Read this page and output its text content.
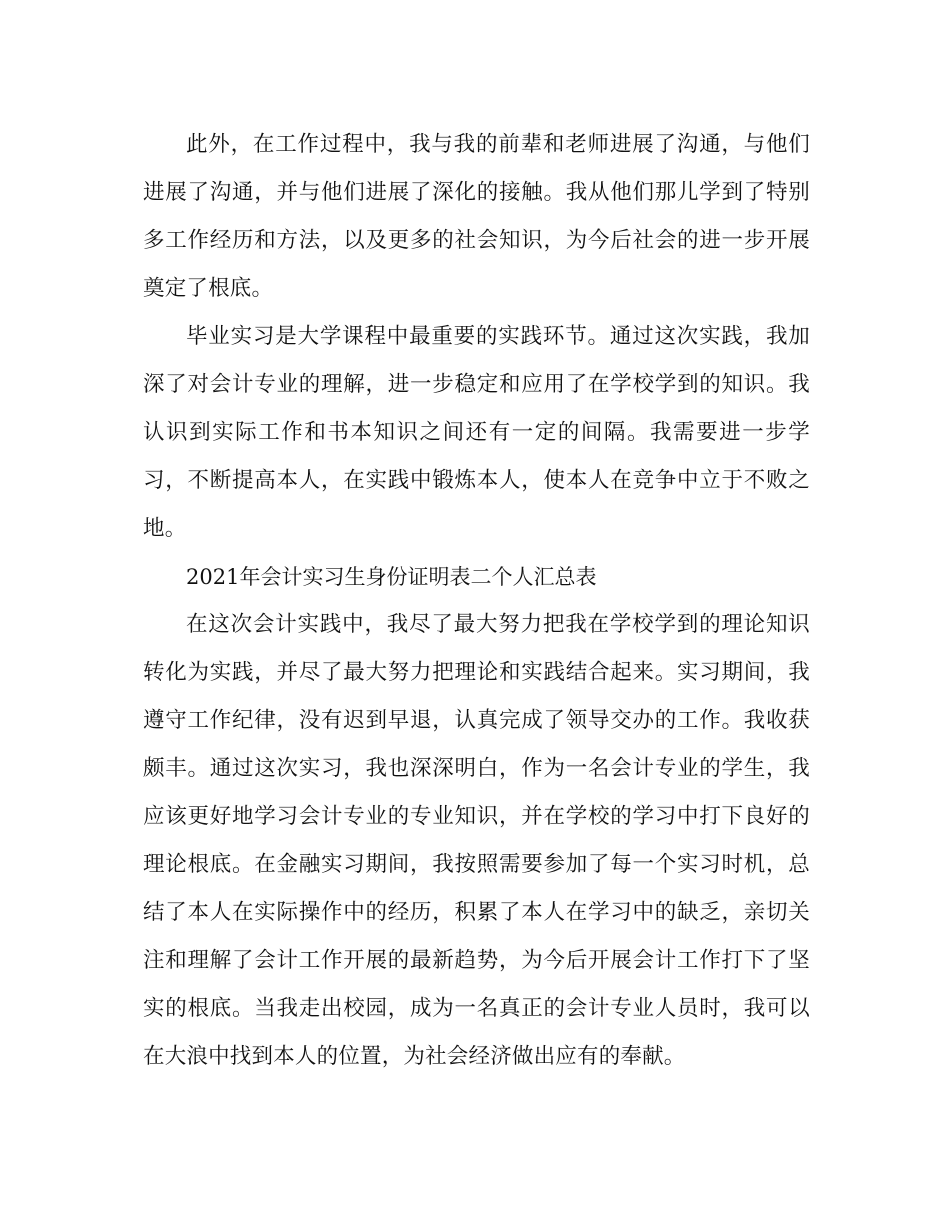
此外，在工作过程中，我与我的前辈和老师进展了沟通，与他们进展了沟通，并与他们进展了深化的接触。我从他们那儿学到了特别多工作经历和方法，以及更多的社会知识，为今后社会的进一步开展奠定了根底。

毕业实习是大学课程中最重要的实践环节。通过这次实践，我加深了对会计专业的理解，进一步稳定和应用了在学校学到的知识。我认识到实际工作和书本知识之间还有一定的间隔。我需要进一步学习，不断提高本人，在实践中锻炼本人，使本人在竞争中立于不败之地。

2021年会计实习生身份证明表二个人汇总表

在这次会计实践中，我尽了最大努力把我在学校学到的理论知识转化为实践，并尽了最大努力把理论和实践结合起来。实习期间，我遵守工作纪律，没有迟到早退，认真完成了领导交办的工作。我收获颇丰。通过这次实习，我也深深明白，作为一名会计专业的学生，我应该更好地学习会计专业的专业知识，并在学校的学习中打下良好的理论根底。在金融实习期间，我按照需要参加了每一个实习时机，总结了本人在实际操作中的经历，积累了本人在学习中的缺乏，亲切关注和理解了会计工作开展的最新趋势，为今后开展会计工作打下了坚实的根底。当我走出校园，成为一名真正的会计专业人员时，我可以在大浪中找到本人的位置，为社会经济做出应有的奉献。
